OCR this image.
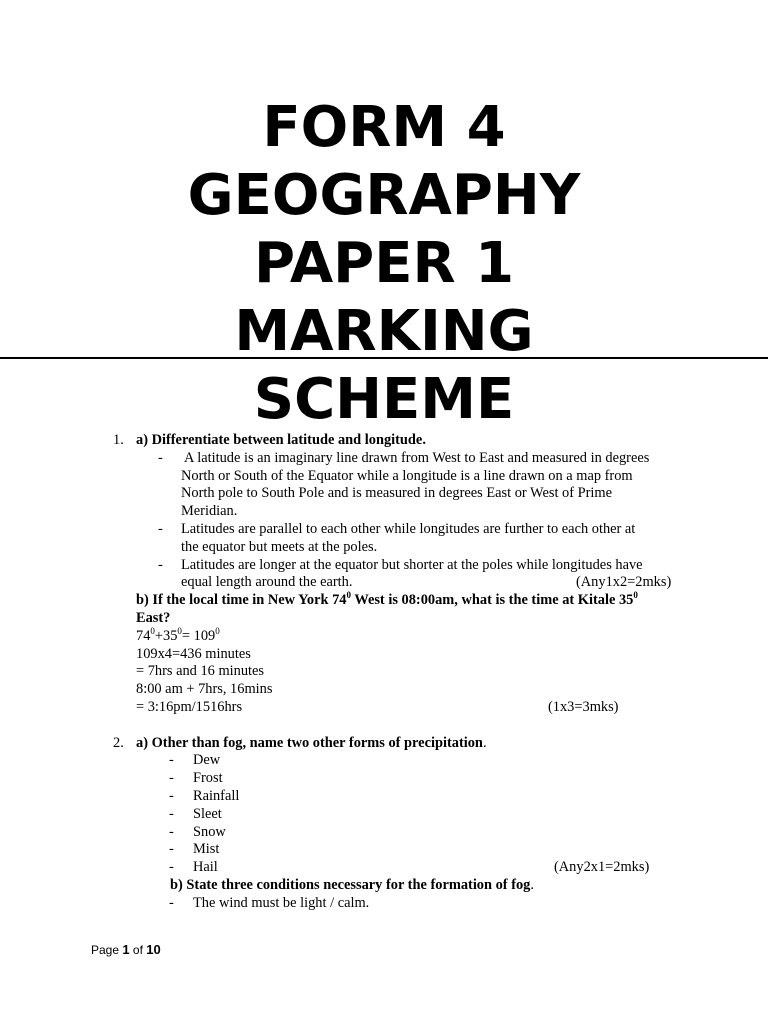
FORM 4
GEOGRAPHY
PAPER 1
MARKING
SCHEME
1. a) Differentiate between latitude and longitude.
- A latitude is an imaginary line drawn from West to East and measured in degrees
North or South of the Equator while a longitude is a line drawn on a map from
North pole to South Pole and is measured in degrees East or West of Prime
Meridian.
- Latitudes are parallel to each other while longitudes are further to each other at
the equator but meets at the poles.
- Latitudes are longer at the equator but shorter at the poles while longitudes have
equal length around the earth.	(Any1x2=2mks)
b) If the local time in New York $74^0$ West is 08:00am, what is the time at Kitale $35^0$
East?
$74^0+35^0= 109^0$
109x4=436 minutes
= 7hrs and 16 minutes
8:00 am + 7hrs, 16mins
= 3:16pm/1516hrs	(1x3=3mks)
2. a) Other than fog, name two other forms of precipitation.
- Dew
- Frost
- Rainfall
- Sleet
- Snow
- Mist
- Hail	(Any2x1=2mks)
b) State three conditions necessary for the formation of fog.
- The wind must be light / calm.
Page 1 of 10
